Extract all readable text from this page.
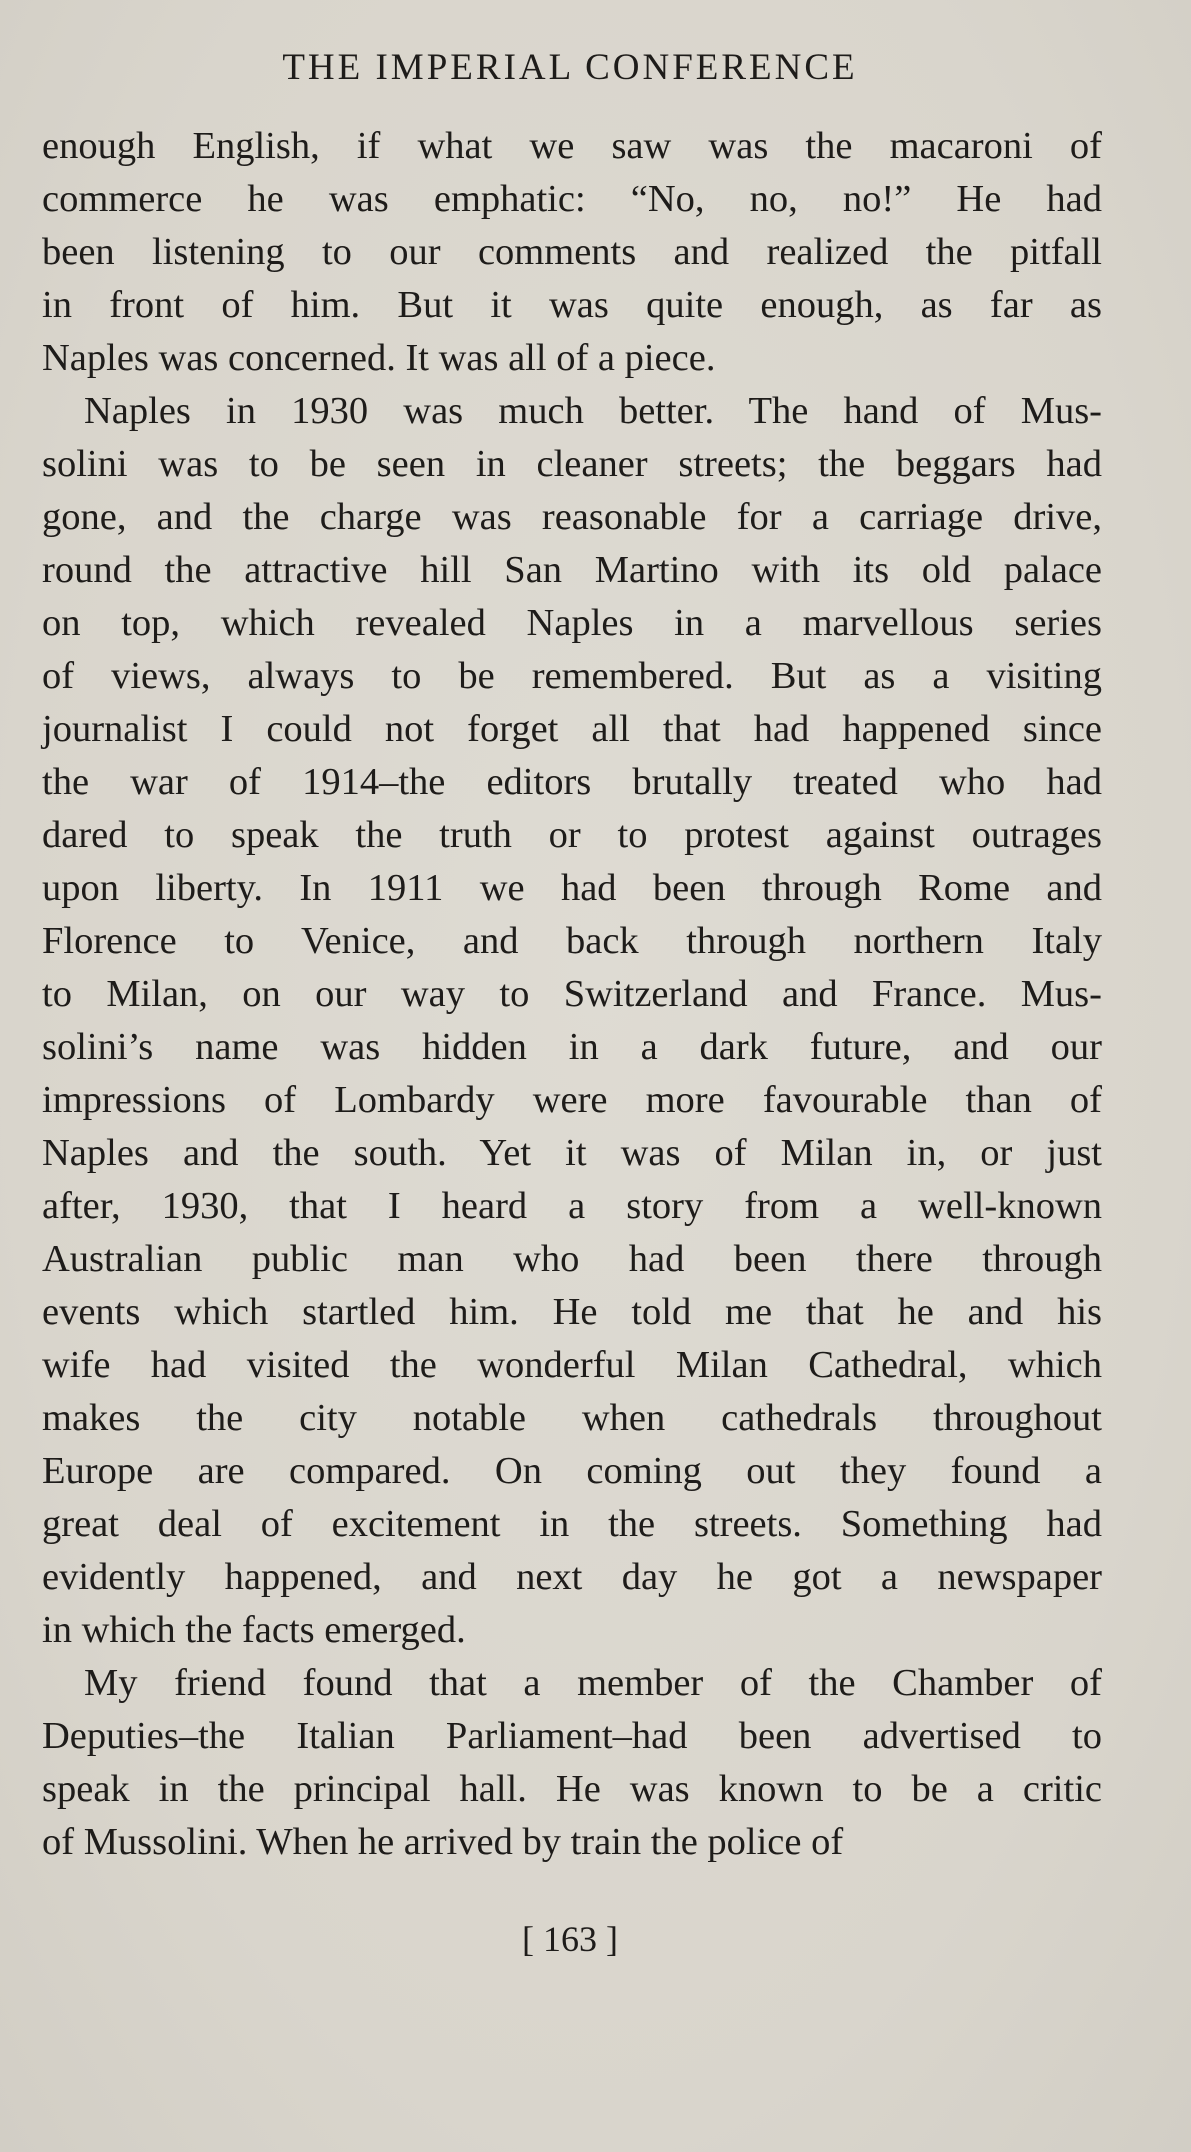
THE IMPERIAL CONFERENCE
enough English, if what we saw was the macaroni of
commerce he was emphatic: “No, no, no!” He had
been listening to our comments and realized the pitfall
in front of him. But it was quite enough, as far as
Naples was concerned. It was all of a piece.
Naples in 1930 was much better. The hand of Mus-
solini was to be seen in cleaner streets; the beggars had
gone, and the charge was reasonable for a carriage drive,
round the attractive hill San Martino with its old palace
on top, which revealed Naples in a marvellous series
of views, always to be remembered. But as a visiting
journalist I could not forget all that had happened since
the war of 1914–the editors brutally treated who had
dared to speak the truth or to protest against outrages
upon liberty. In 1911 we had been through Rome and
Florence to Venice, and back through northern Italy
to Milan, on our way to Switzerland and France. Mus-
solini’s name was hidden in a dark future, and our
impressions of Lombardy were more favourable than of
Naples and the south. Yet it was of Milan in, or just
after, 1930, that I heard a story from a well-known
Australian public man who had been there through
events which startled him. He told me that he and his
wife had visited the wonderful Milan Cathedral, which
makes the city notable when cathedrals throughout
Europe are compared. On coming out they found a
great deal of excitement in the streets. Something had
evidently happened, and next day he got a newspaper
in which the facts emerged.
My friend found that a member of the Chamber of
Deputies–the Italian Parliament–had been advertised to
speak in the principal hall. He was known to be a critic
of Mussolini. When he arrived by train the police of
[ 163 ]
